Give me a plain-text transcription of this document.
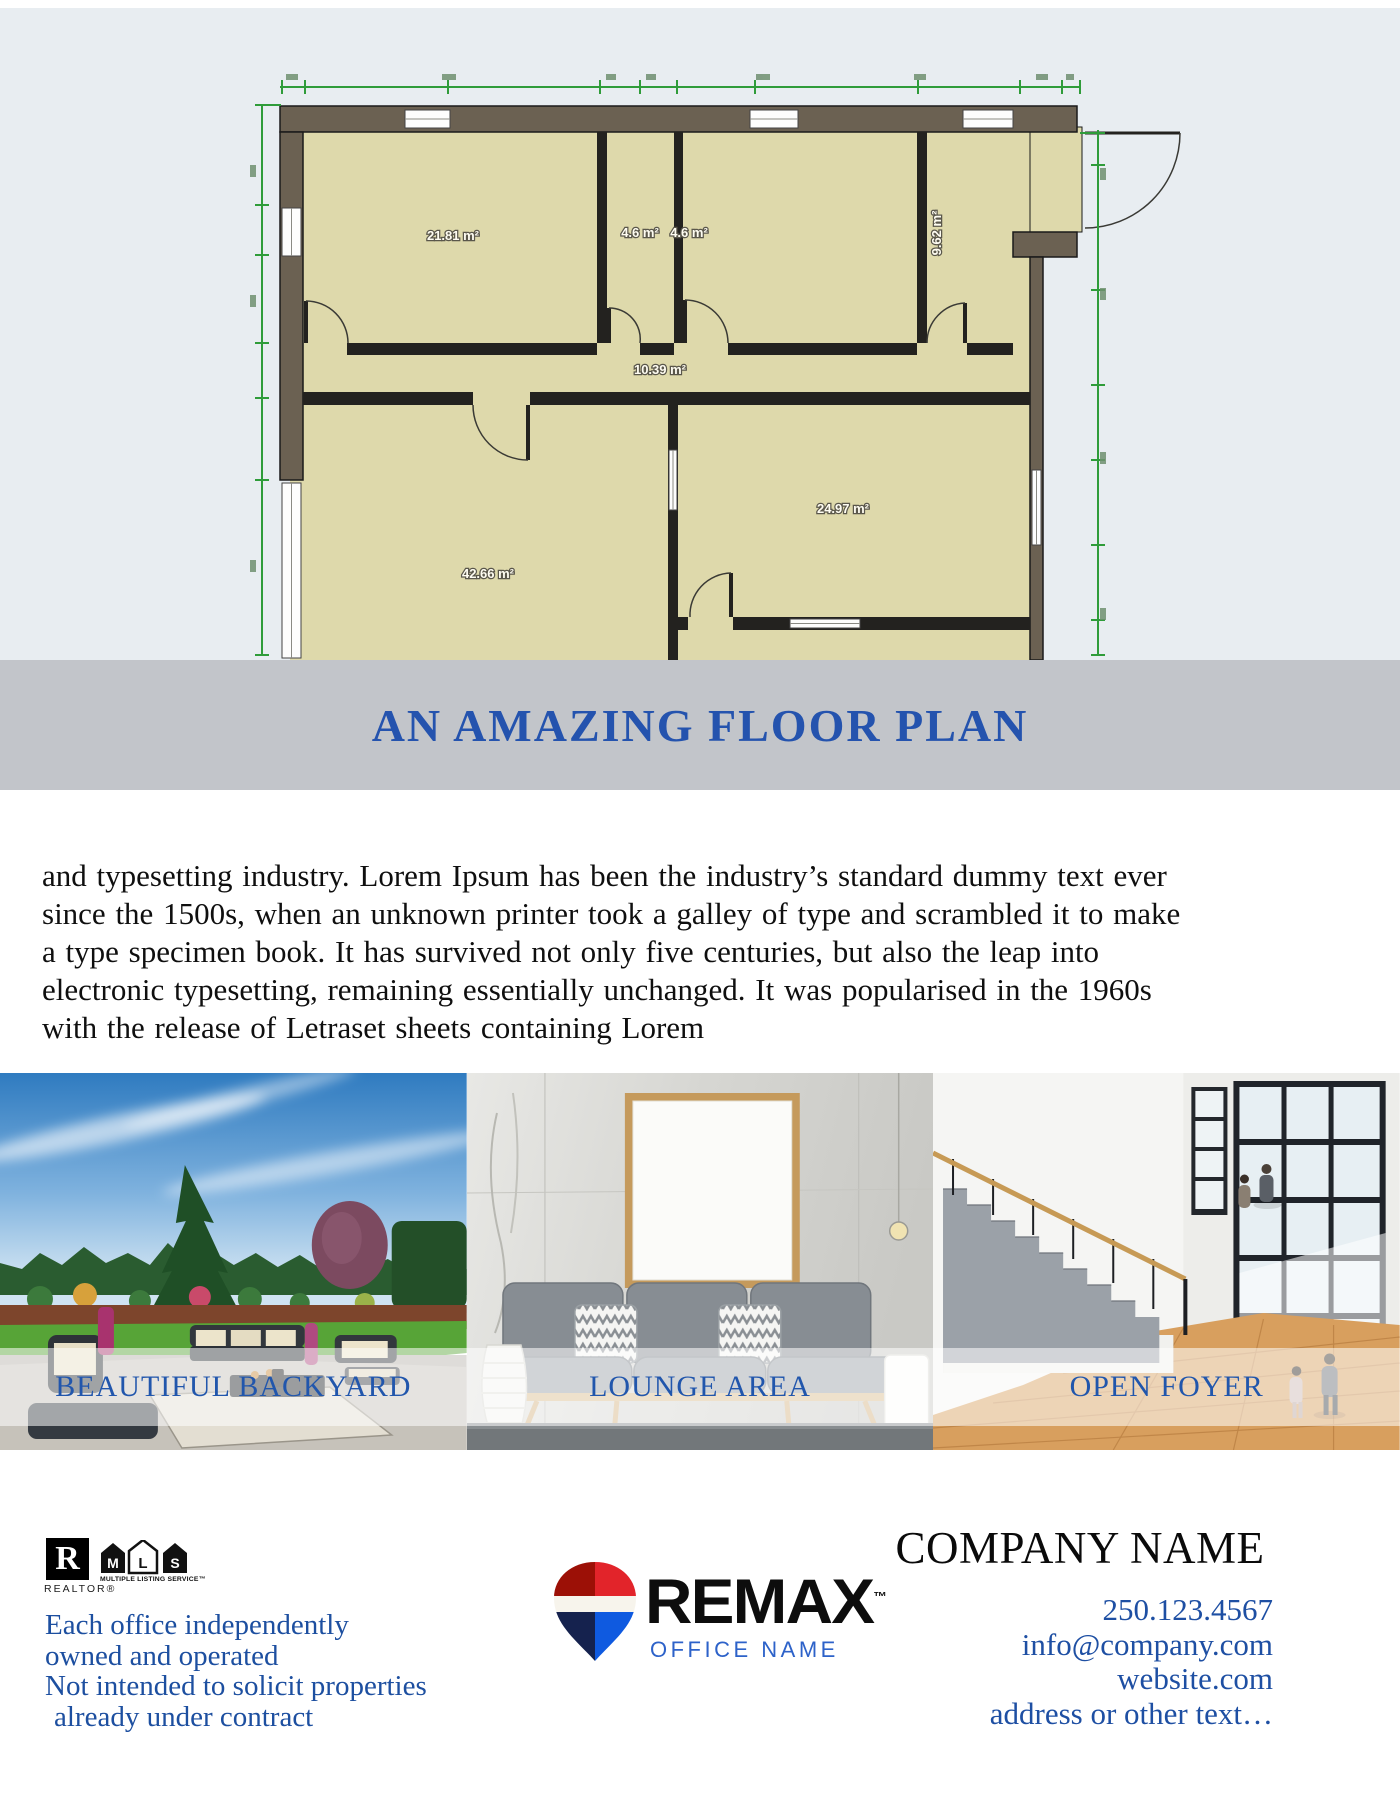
21.81 m²	4.6 m² 4.6 m²	9.62 m²
10.39 m²
42.66 m²
24.97 m²
AN AMAZING FLOOR PLAN

and typesetting industry. Lorem Ipsum has been the industry’s standard dummy text ever since the 1500s, when an unknown printer took a galley of type and scrambled it to make a type specimen book. It has survived not only five centuries, but also the leap into electronic typesetting, remaining essentially unchanged. It was popularised in the 1960s with the release of Letraset sheets containing Lorem

BEAUTIFUL BACKYARD	LOUNGE AREA	OPEN FOYER
R
REALTOR®
M L S
MULTIPLE LISTING SERVICE™
Each office independently
owned and operated
Not intended to solicit properties
already under contract
REMAX™
OFFICE NAME
COMPANY NAME
250.123.4567
info@company.com
website.com
address or other text…
